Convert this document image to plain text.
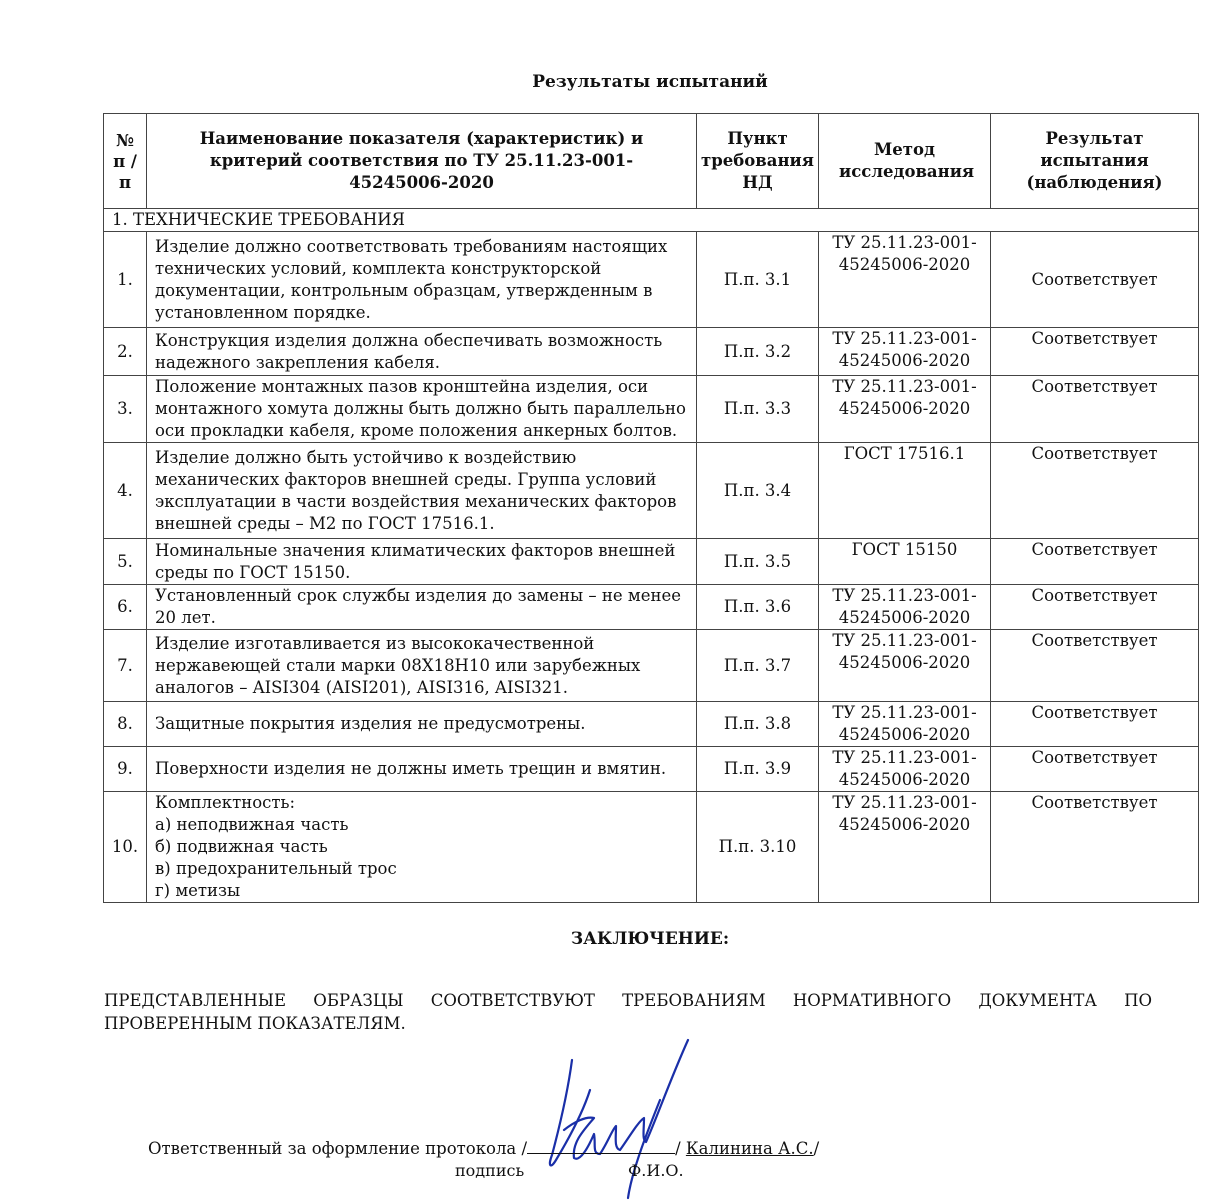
Результаты испытаний
№ п / п	Наименование показателя (характеристик) и критерий соответствия по ТУ 25.11.23-001-45245006-2020	Пункт требования НД	Метод исследования	Результат испытания (наблюдения)
1. ТЕХНИЧЕСКИЕ ТРЕБОВАНИЯ				
1.	Изделие должно соответствовать требованиям настоящих технических условий, комплекта конструкторской документации, контрольным образцам, утвержденным в установленном порядке.	П.п. 3.1	ТУ 25.11.23-001-45245006-2020	Соответствует
2.	Конструкция изделия должна обеспечивать возможность надежного закрепления кабеля.	П.п. 3.2	ТУ 25.11.23-001-45245006-2020	Соответствует
3.	Положение монтажных пазов кронштейна изделия, оси монтажного хомута должны быть должно быть параллельно оси прокладки кабеля, кроме положения анкерных болтов.	П.п. 3.3	ТУ 25.11.23-001-45245006-2020	Соответствует
4.	Изделие должно быть устойчиво к воздействию механических факторов внешней среды. Группа условий эксплуатации в части воздействия механических факторов внешней среды – М2 по ГОСТ 17516.1.	П.п. 3.4	ГОСТ 17516.1	Соответствует
5.	Номинальные значения климатических факторов внешней среды по ГОСТ 15150.	П.п. 3.5	ГОСТ 15150	Соответствует
6.	Установленный срок службы изделия до замены – не менее 20 лет.	П.п. 3.6	ТУ 25.11.23-001-45245006-2020	Соответствует
7.	Изделие изготавливается из высококачественной нержавеющей стали марки 08Х18Н10 или зарубежных аналогов – AISI304 (AISI201), AISI316, AISI321.	П.п. 3.7	ТУ 25.11.23-001-45245006-2020	Соответствует
8.	Защитные покрытия изделия не предусмотрены.	П.п. 3.8	ТУ 25.11.23-001-45245006-2020	Соответствует
9.	Поверхности изделия не должны иметь трещин и вмятин.	П.п. 3.9	ТУ 25.11.23-001-45245006-2020	Соответствует
10.	Комплектность:
а) неподвижная часть
б) подвижная часть
в) предохранительный трос
г) метизы	П.п. 3.10	ТУ 25.11.23-001-45245006-2020	Соответствует
ЗАКЛЮЧЕНИЕ:
ПРЕДСТАВЛЕННЫЕ ОБРАЗЦЫ СООТВЕТСТВУЮТ ТРЕБОВАНИЯМ НОРМАТИВНОГО ДОКУМЕНТА ПО ПРОВЕРЕННЫМ ПОКАЗАТЕЛЯМ.
Ответственный за оформление протокола /	/ Калинина А.С./
подпись	Ф.И.О.
